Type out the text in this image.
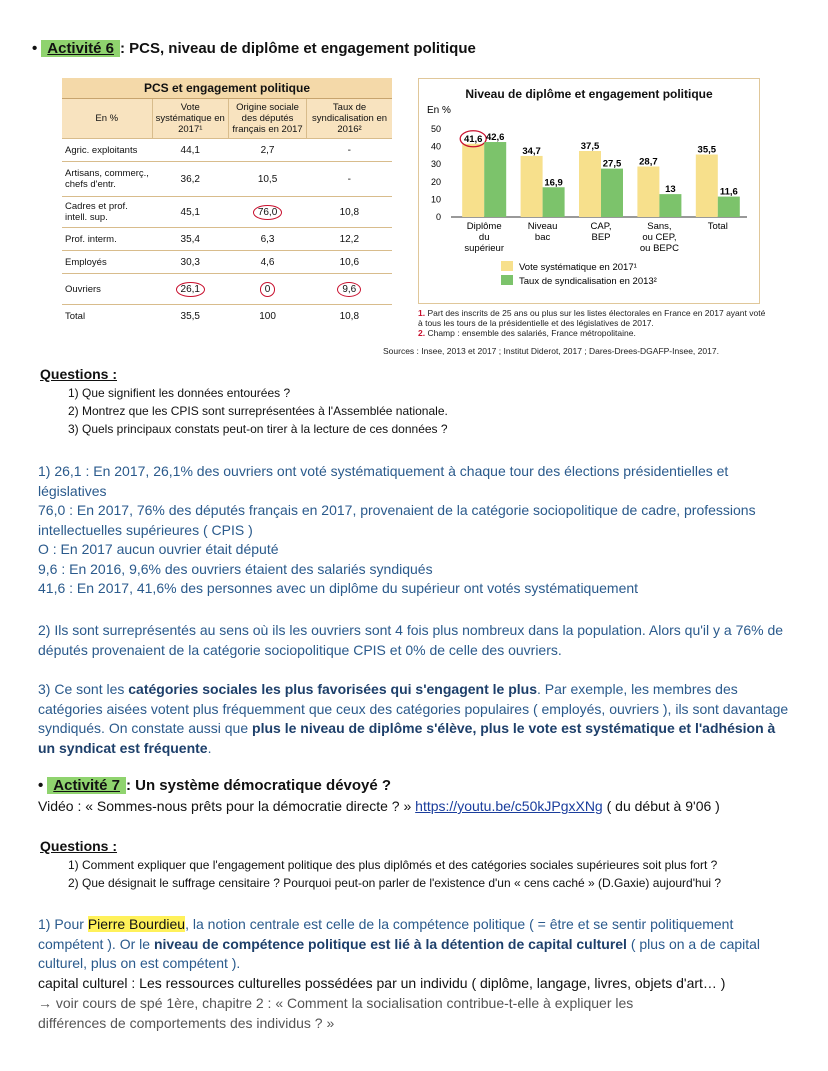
• Activité 6 : PCS, niveau de diplôme et engagement politique
PCS et engagement politique
En %	Vote systématique en 2017¹	Origine sociale des députés français en 2017	Taux de syndicalisation en 2016²
Agric. exploitants	44,1	2,7	-
Artisans, commerç., chefs d'entr.	36,2	10,5	-
Cadres et prof. intell. sup.	45,1	76,0	10,8
Prof. interm.	35,4	6,3	12,2
Employés	30,3	4,6	10,6
Ouvriers	26,1	0	9,6
Total	35,5	100	10,8
Niveau de diplôme et engagement politique
En %
0
10
20
30
40
50
41,6 42,6
Diplôme
du
supérieur
34,7
16,9
Niveau
bac
37,5
27,5
CAP,
BEP
28,7
13
Sans,
ou CEP,
ou BEPC
35,5
11,6
Total
Vote systématique en 2017¹
Taux de syndicalisation en 2013²
1. Part des inscrits de 25 ans ou plus sur les listes électorales en France en 2017 ayant voté à tous les tours de la présidentielle et des législatives de 2017.
2. Champ : ensemble des salariés, France métropolitaine.
Sources : Insee, 2013 et 2017 ; Institut Diderot, 2017 ; Dares-Drees-DGAFP-Insee, 2017.
Questions :
1) Que signifient les données entourées ?
2) Montrez que les CPIS sont surreprésentées à l'Assemblée nationale.
3) Quels principaux constats peut-on tirer à la lecture de ces données ?
1) 26,1 : En 2017, 26,1% des ouvriers ont voté systématiquement à chaque tour des élections présidentielles et législatives
76,0 : En 2017, 76% des députés français en 2017, provenaient de la catégorie sociopolitique de cadre, professions intellectuelles supérieures ( CPIS )
O : En 2017 aucun ouvrier était député
9,6 : En 2016, 9,6% des ouvriers étaient des salariés syndiqués
41,6 : En 2017, 41,6% des personnes avec un diplôme du supérieur ont votés systématiquement
2) Ils sont surreprésentés au sens où ils les ouvriers sont 4 fois plus nombreux dans la population. Alors qu'il y a 76% de députés provenaient de la catégorie sociopolitique CPIS et 0% de celle des ouvriers.
3) Ce sont les catégories sociales les plus favorisées qui s'engagent le plus. Par exemple, les membres des catégories aisées votent plus fréquemment que ceux des catégories populaires ( employés, ouvriers ), ils sont davantage syndiqués. On constate aussi que plus le niveau de diplôme s'élève, plus le vote est systématique et l'adhésion à un syndicat est fréquente.
• Activité 7 : Un système démocratique dévoyé ?
Vidéo : « Sommes-nous prêts pour la démocratie directe ? » https://youtu.be/c50kJPgxXNg ( du début à 9'06 )
Questions :
1) Comment expliquer que l'engagement politique des plus diplômés et des catégories sociales supérieures soit plus fort ?
2) Que désignait le suffrage censitaire ? Pourquoi peut-on parler de l'existence d'un « cens caché » (D.Gaxie) aujourd'hui ?
1) Pour Pierre Bourdieu, la notion centrale est celle de la compétence politique ( = être et se sentir politiquement compétent ). Or le niveau de compétence politique est lié à la détention de capital culturel ( plus on a de capital culturel, plus on est compétent ).
capital culturel : Les ressources culturelles possédées par un individu ( diplôme, langage, livres, objets d'art… )
→ voir cours de spé 1ère, chapitre 2 : « Comment la socialisation contribue-t-elle à expliquer les différences de comportements des individus ? »
